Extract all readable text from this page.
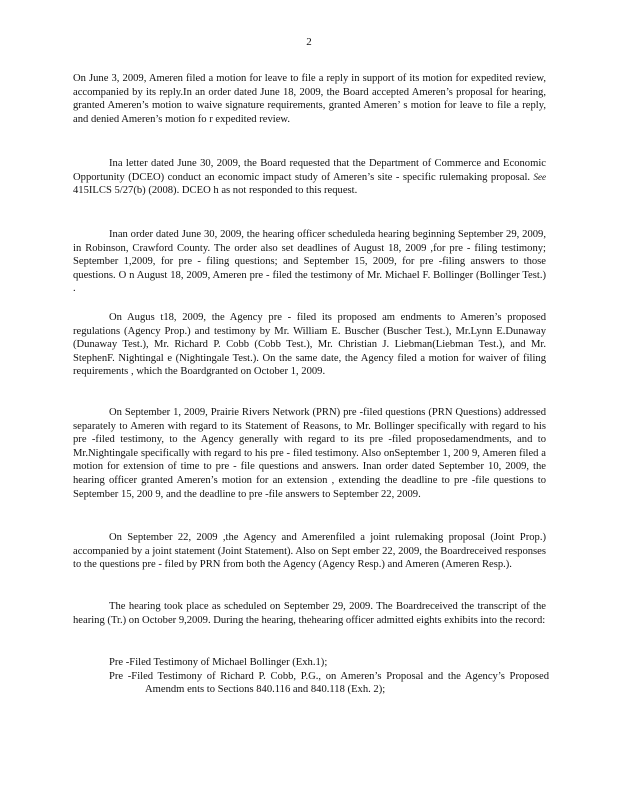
2

On June 3, 2009, Ameren filed a motion for leave to file a reply in support of its motion for expedited review, accompanied by its reply.In an order dated June 18, 2009, the Board accepted Ameren’s proposal for hearing, granted Ameren’s motion to waive signature requirements, granted Ameren’ s motion for leave to file a reply, and denied Ameren’s motion fo r expedited review.

Ina letter dated June 30, 2009, the Board requested that the Department of Commerce and Economic Opportunity (DCEO) conduct an economic impact study of Ameren’s site - specific rulemaking proposal. See 415ILCS 5/27(b) (2008). DCEO h as not responded to this request.

Inan order dated June 30, 2009, the hearing officer scheduleda hearing beginning September 29, 2009, in Robinson, Crawford County. The order also set deadlines of August 18, 2009 ,for pre - filing testimony; September 1,2009, for pre - filing questions; and September 15, 2009, for pre -filing answers to those questions. O n August 18, 2009, Ameren pre - filed the testimony of Mr. Michael F. Bollinger (Bollinger Test.) .

On Augus t18, 2009, the Agency pre - filed its proposed am endments to Ameren’s proposed regulations (Agency Prop.) and testimony by Mr. William E. Buscher (Buscher Test.), Mr.Lynn E.Dunaway (Dunaway Test.), Mr. Richard P. Cobb (Cobb Test.), Mr. Christian J. Liebman(Liebman Test.), and Mr. StephenF. Nightingal e (Nightingale Test.). On the same date, the Agency filed a motion for waiver of filing requirements , which the Boardgranted on October 1, 2009.

On September 1, 2009, Prairie Rivers Network (PRN) pre -filed questions (PRN Questions) addressed separately to Ameren with regard to its Statement of Reasons, to Mr. Bollinger specifically with regard to his pre -filed testimony, to the Agency generally with regard to its pre -filed proposedamendments, and to Mr.Nightingale specifically with regard to his pre - filed testimony. Also onSeptember 1, 200 9, Ameren filed a motion for extension of time to pre - file questions and answers. Inan order dated September 10, 2009, the hearing officer granted Ameren’s motion for an extension , extending the deadline to pre -file questions to September 15, 200 9, and the deadline to pre -file answers to September 22, 2009.

On September 22, 2009 ,the Agency and Amerenfiled a joint rulemaking proposal (Joint Prop.) accompanied by a joint statement (Joint Statement). Also on Sept ember 22, 2009, the Boardreceived responses to the questions pre - filed by PRN from both the Agency (Agency Resp.) and Ameren (Ameren Resp.).

The hearing took place as scheduled on September 29, 2009. The Boardreceived the transcript of the hearing (Tr.) on October 9,2009. During the hearing, thehearing officer admitted eights exhibits into the record:

Pre -Filed Testimony of Michael Bollinger (Exh.1);
Pre -Filed Testimony of Richard P. Cobb, P.G., on Ameren’s Proposal and the Agency’s Proposed Amendm ents to Sections 840.116 and 840.118 (Exh. 2);
